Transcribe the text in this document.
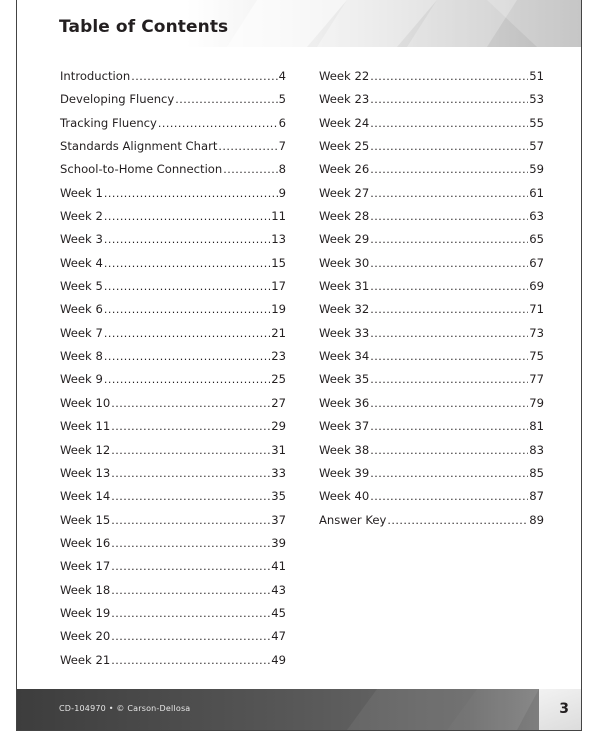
Table of Contents
Introduction .....	4
Developing Fluency .....	5
Tracking Fluency .....	6
Standards Alignment Chart .....	7
School-to-Home Connection .....	8
Week 1 .....	9
Week 2 .....	11
Week 3 .....	13
Week 4 .....	15
Week 5 .....	17
Week 6 .....	19
Week 7 .....	21
Week 8 .....	23
Week 9 .....	25
Week 10 .....	27
Week 11 .....	29
Week 12 .....	31
Week 13 .....	33
Week 14 .....	35
Week 15 .....	37
Week 16 .....	39
Week 17 .....	41
Week 18 .....	43
Week 19 .....	45
Week 20 .....	47
Week 21 .....	49
Week 22 .....	51
Week 23 .....	53
Week 24 .....	55
Week 25 .....	57
Week 26 .....	59
Week 27 .....	61
Week 28 .....	63
Week 29 .....	65
Week 30 .....	67
Week 31 .....	69
Week 32 .....	71
Week 33 .....	73
Week 34 .....	75
Week 35 .....	77
Week 36 .....	79
Week 37 .....	81
Week 38 .....	83
Week 39 .....	85
Week 40 .....	87
Answer Key .....	89
CD-104970 • © Carson-Dellosa	3
